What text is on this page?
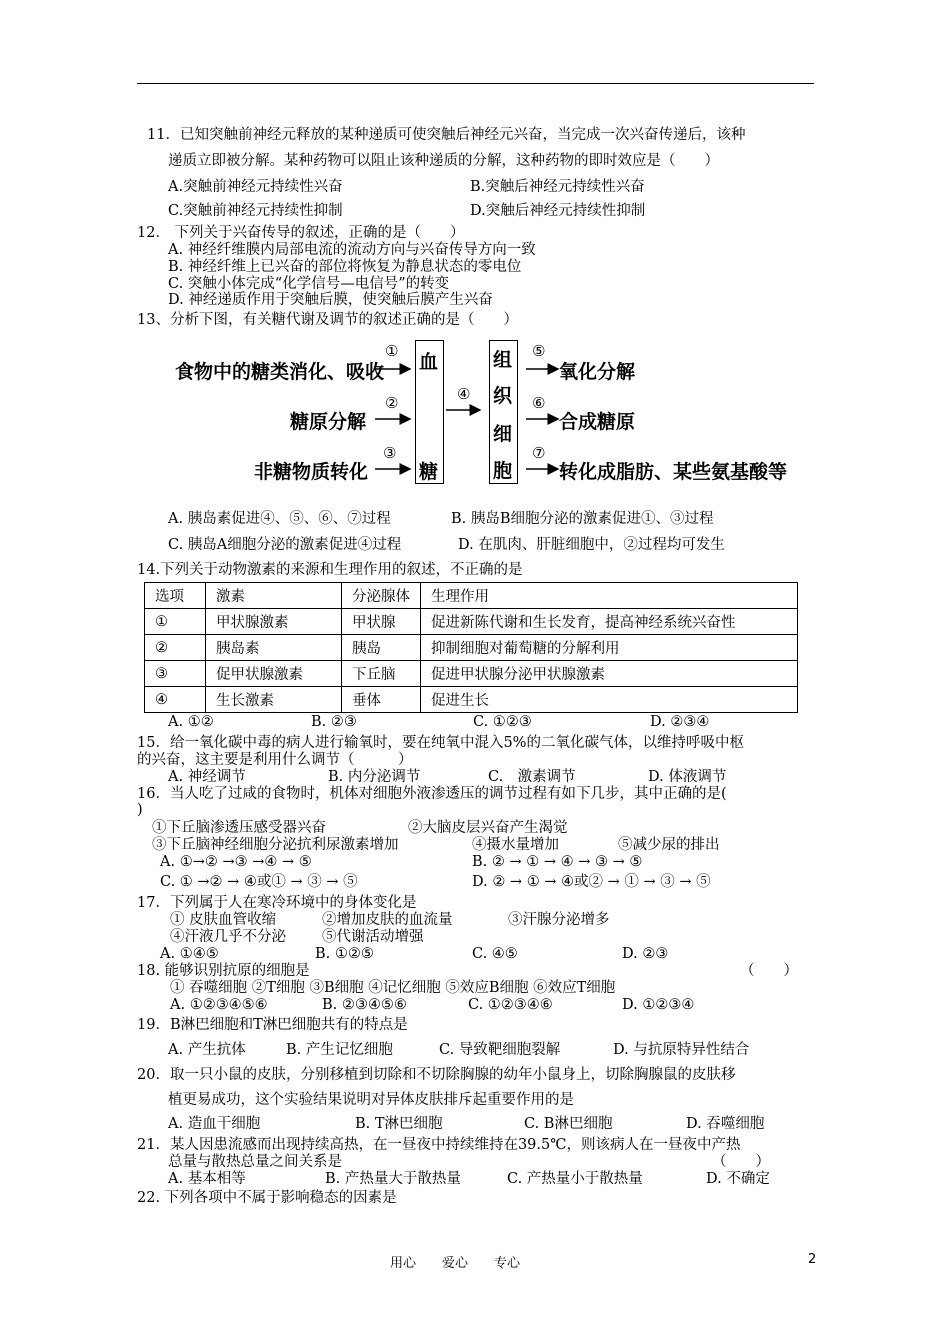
11．已知突触前神经元释放的某种递质可使突触后神经元兴奋，当完成一次兴奋传递后，该种
递质立即被分解。某种药物可以阻止该种递质的分解，这种药物的即时效应是（　　）
A.突触前神经元持续性兴奋	B.突触后神经元持续性兴奋
C.突触前神经元持续性抑制	D.突触后神经元持续性抑制
12． 下列关于兴奋传导的叙述，正确的是（　　）
A. 神经纤维膜内局部电流的流动方向与兴奋传导方向一致
B. 神经纤维上已兴奋的部位将恢复为静息状态的零电位
C. 突触小体完成“化学信号—电信号”的转变
D. 神经递质作用于突触后膜，使突触后膜产生兴奋
13、分析下图，有关糖代谢及调节的叙述正确的是（　　）
食物中的糖类消化、吸收
糖原分解
非糖物质转化
①
②
③
④
⑤
⑥
⑦
血
糖
组
织
细
胞
氧化分解
合成糖原
转化成脂肪、某些氨基酸等
A. 胰岛素促进④、⑤、⑥、⑦过程	B. 胰岛B细胞分泌的激素促进①、③过程
C. 胰岛A细胞分泌的激素促进④过程	D. 在肌肉、肝脏细胞中，②过程均可发生
14.下列关于动物激素的来源和生理作用的叙述，不正确的是
选项	激素	分泌腺体	生理作用
①	甲状腺激素	甲状腺	促进新陈代谢和生长发育，提高神经系统兴奋性
②	胰岛素	胰岛	抑制细胞对葡萄糖的分解利用
③	促甲状腺激素	下丘脑	促进甲状腺分泌甲状腺激素
④	生长激素	垂体	促进生长
A. ①②	B. ②③	C. ①②③	D. ②③④
15．给一氧化碳中毒的病人进行输氧时，要在纯氧中混入5%的二氧化碳气体，以维持呼吸中枢
的兴奋，这主要是利用什么调节（　　　）
A. 神经调节	B. 内分泌调节	C.　激素调节	D. 体液调节
16．当人吃了过咸的食物时，机体对细胞外液渗透压的调节过程有如下几步，其中正确的是(
)
①下丘脑渗透压感受器兴奋	②大脑皮层兴奋产生渴觉
③下丘脑神经细胞分泌抗利尿激素增加	④摄水量增加	⑤减少尿的排出
A. ①→② →③ →④ → ⑤	B. ② → ① → ④ → ③ → ⑤
C. ① →② → ④或① → ③ → ⑤	D. ② → ① → ④或② → ① → ③ → ⑤
17．下列属于人在寒冷环境中的身体变化是
① 皮肤血管收缩	②增加皮肤的血流量	③汗腺分泌增多
④汗液几乎不分泌 ⑤代谢活动增强
A. ①④⑤	B. ①②⑤	C. ④⑤	D. ②③
18. 能够识别抗原的细胞是	（　　）
① 吞噬细胞 ②T细胞 ③B细胞 ④记忆细胞 ⑤效应B细胞 ⑥效应T细胞
A. ①②③④⑤⑥	B. ②③④⑤⑥	C. ①②③④⑥	D. ①②③④
19．B淋巴细胞和T淋巴细胞共有的特点是
A. 产生抗体	B. 产生记忆细胞	C. 导致靶细胞裂解	D. 与抗原特异性结合
20．取一只小鼠的皮肤，分别移植到切除和不切除胸腺的幼年小鼠身上，切除胸腺鼠的皮肤移
植更易成功，这个实验结果说明对异体皮肤排斥起重要作用的是
A. 造血干细胞	B. T淋巴细胞	C. B淋巴细胞	D. 吞噬细胞
21．某人因患流感而出现持续高热，在一昼夜中持续维持在39.5℃，则该病人在一昼夜中产热
总量与散热总量之间关系是	（　　）
A. 基本相等	B. 产热量大于散热量	C. 产热量小于散热量	D. 不确定
22. 下列各项中不属于影响稳态的因素是
用心　　爱心　　专心	2
